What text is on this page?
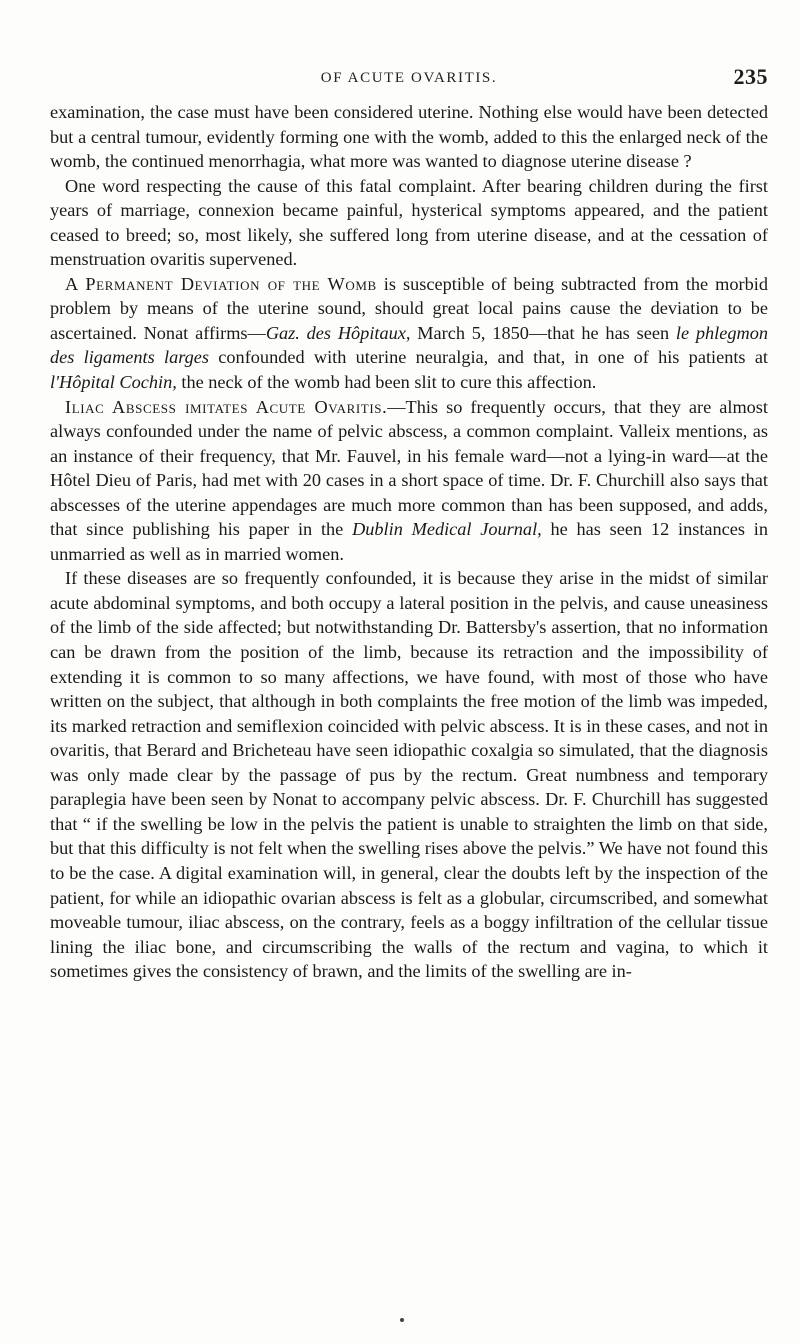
OF ACUTE OVARITIS.	235

examination, the case must have been considered uterine. Nothing else would have been detected but a central tumour, evidently forming one with the womb, added to this the enlarged neck of the womb, the continued menorrhagia, what more was wanted to diagnose uterine disease ?

One word respecting the cause of this fatal complaint. After bearing children during the first years of marriage, connexion became painful, hysterical symptoms appeared, and the patient ceased to breed; so, most likely, she suffered long from uterine disease, and at the cessation of menstruation ovaritis supervened.

A Permanent Deviation of the Womb is susceptible of being subtracted from the morbid problem by means of the uterine sound, should great local pains cause the deviation to be ascertained. Nonat affirms—Gaz. des Hôpitaux, March 5, 1850—that he has seen le phlegmon des ligaments larges confounded with uterine neuralgia, and that, in one of his patients at l'Hôpital Cochin, the neck of the womb had been slit to cure this affection.

Iliac Abscess imitates Acute Ovaritis.—This so frequently occurs, that they are almost always confounded under the name of pelvic abscess, a common complaint. Valleix mentions, as an instance of their frequency, that Mr. Fauvel, in his female ward—not a lying-in ward—at the Hôtel Dieu of Paris, had met with 20 cases in a short space of time. Dr. F. Churchill also says that abscesses of the uterine appendages are much more common than has been supposed, and adds, that since publishing his paper in the Dublin Medical Journal, he has seen 12 instances in unmarried as well as in married women.

If these diseases are so frequently confounded, it is because they arise in the midst of similar acute abdominal symptoms, and both occupy a lateral position in the pelvis, and cause uneasiness of the limb of the side affected; but notwithstanding Dr. Battersby's assertion, that no information can be drawn from the position of the limb, because its retraction and the impossibility of extending it is common to so many affections, we have found, with most of those who have written on the subject, that although in both complaints the free motion of the limb was impeded, its marked retraction and semiflexion coincided with pelvic abscess. It is in these cases, and not in ovaritis, that Berard and Bricheteau have seen idiopathic coxalgia so simulated, that the diagnosis was only made clear by the passage of pus by the rectum. Great numbness and temporary paraplegia have been seen by Nonat to accompany pelvic abscess. Dr. F. Churchill has suggested that “ if the swelling be low in the pelvis the patient is unable to straighten the limb on that side, but that this difficulty is not felt when the swelling rises above the pelvis.” We have not found this to be the case. A digital examination will, in general, clear the doubts left by the inspection of the patient, for while an idiopathic ovarian abscess is felt as a globular, circumscribed, and somewhat moveable tumour, iliac abscess, on the contrary, feels as a boggy infiltration of the cellular tissue lining the iliac bone, and circumscribing the walls of the rectum and vagina, to which it sometimes gives the consistency of brawn, and the limits of the swelling are in-
